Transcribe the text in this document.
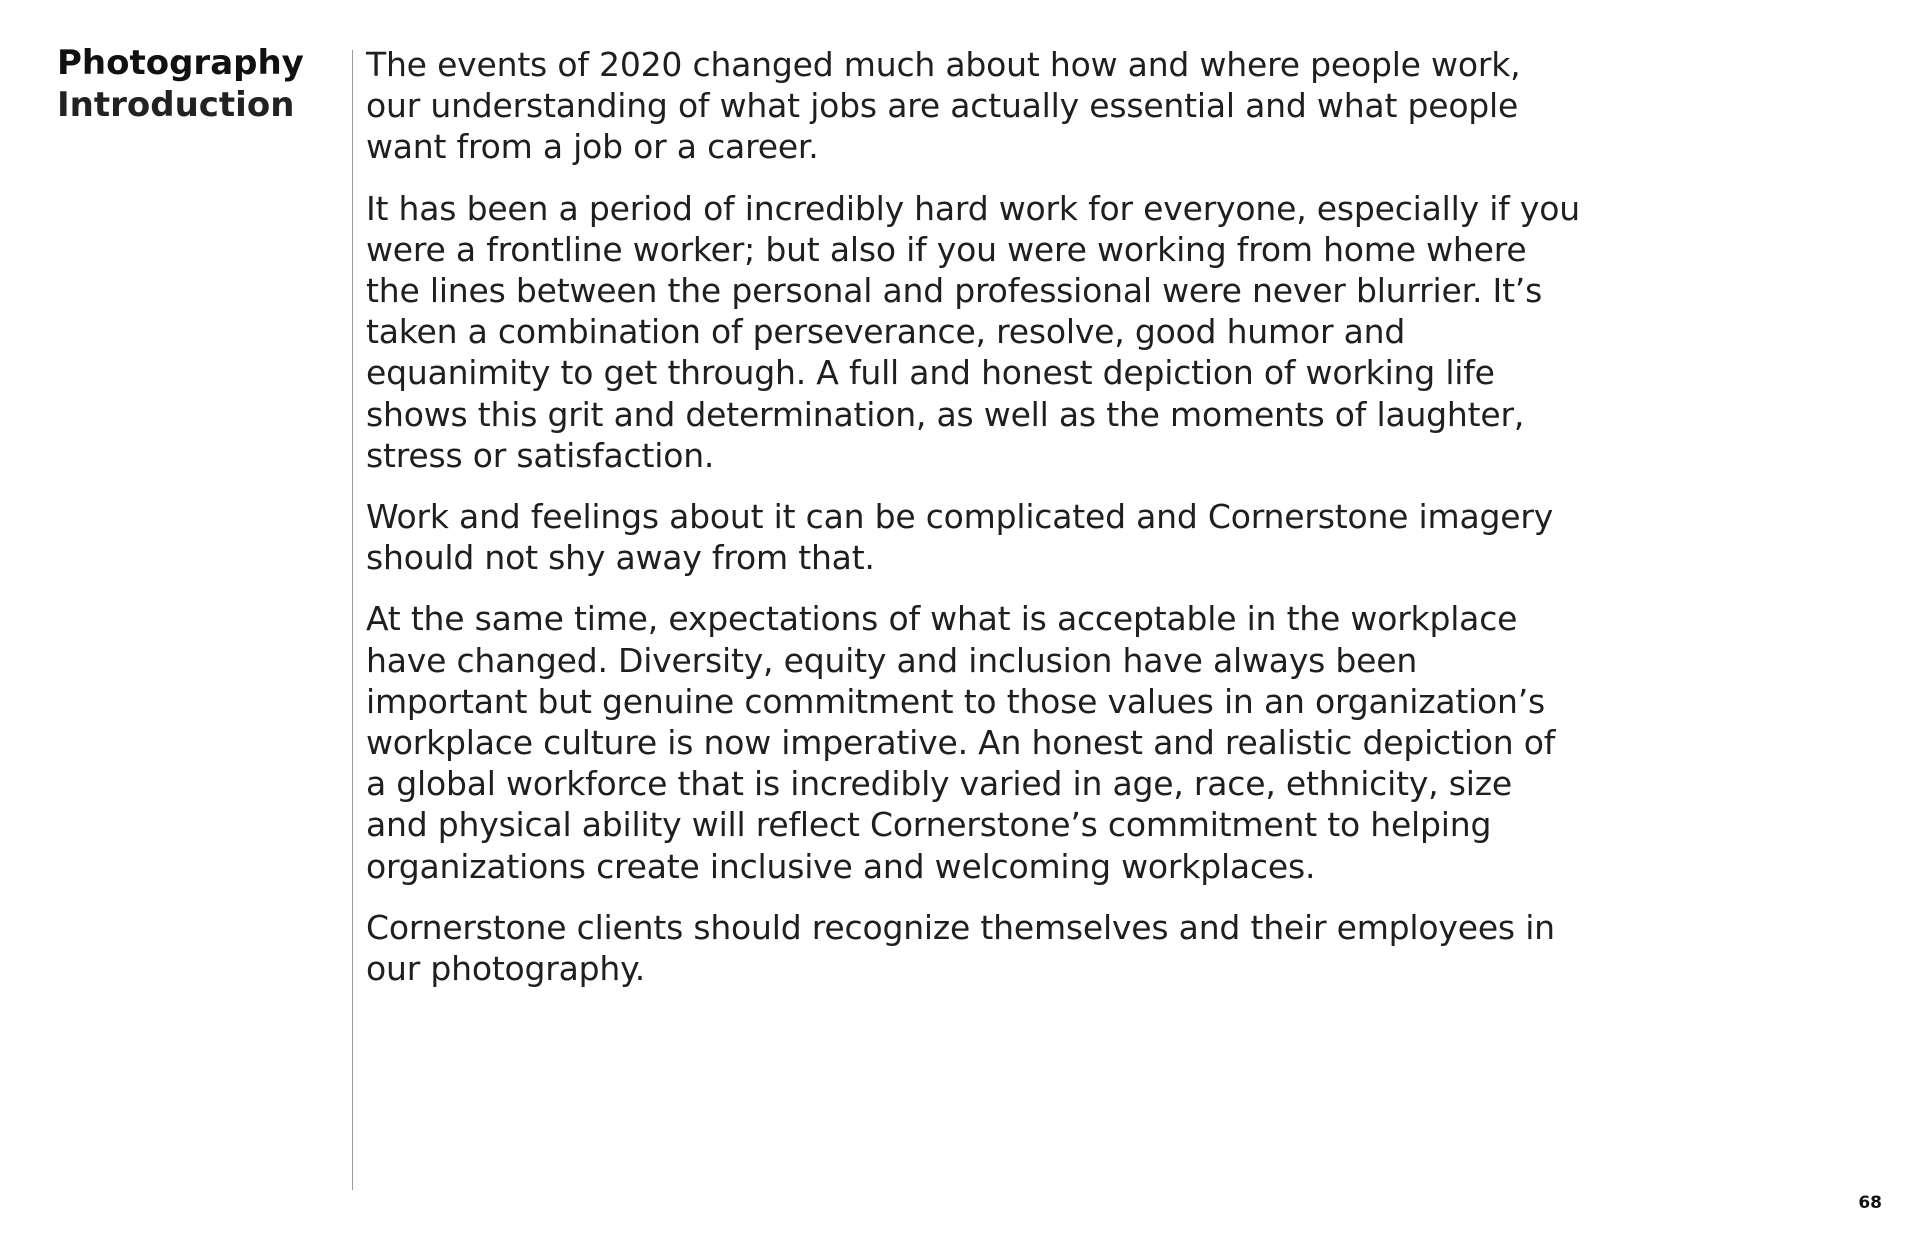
Photography
Introduction

The events of 2020 changed much about how and where people work, our understanding of what jobs are actually essential and what people want from a job or a career.

It has been a period of incredibly hard work for everyone, especially if you were a frontline worker; but also if you were working from home where the lines between the personal and professional were never blurrier. It’s taken a combination of perseverance, resolve, good humor and equanimity to get through. A full and honest depiction of working life shows this grit and determination, as well as the moments of laughter, stress or satisfaction.

Work and feelings about it can be complicated and Cornerstone imagery should not shy away from that.

At the same time, expectations of what is acceptable in the workplace have changed. Diversity, equity and inclusion have always been important but genuine commitment to those values in an organization’s workplace culture is now imperative. An honest and realistic depiction of a global workforce that is incredibly varied in age, race, ethnicity, size and physical ability will reflect Cornerstone’s commitment to helping organizations create inclusive and welcoming workplaces.

Cornerstone clients should recognize themselves and their employees in our photography.

68
